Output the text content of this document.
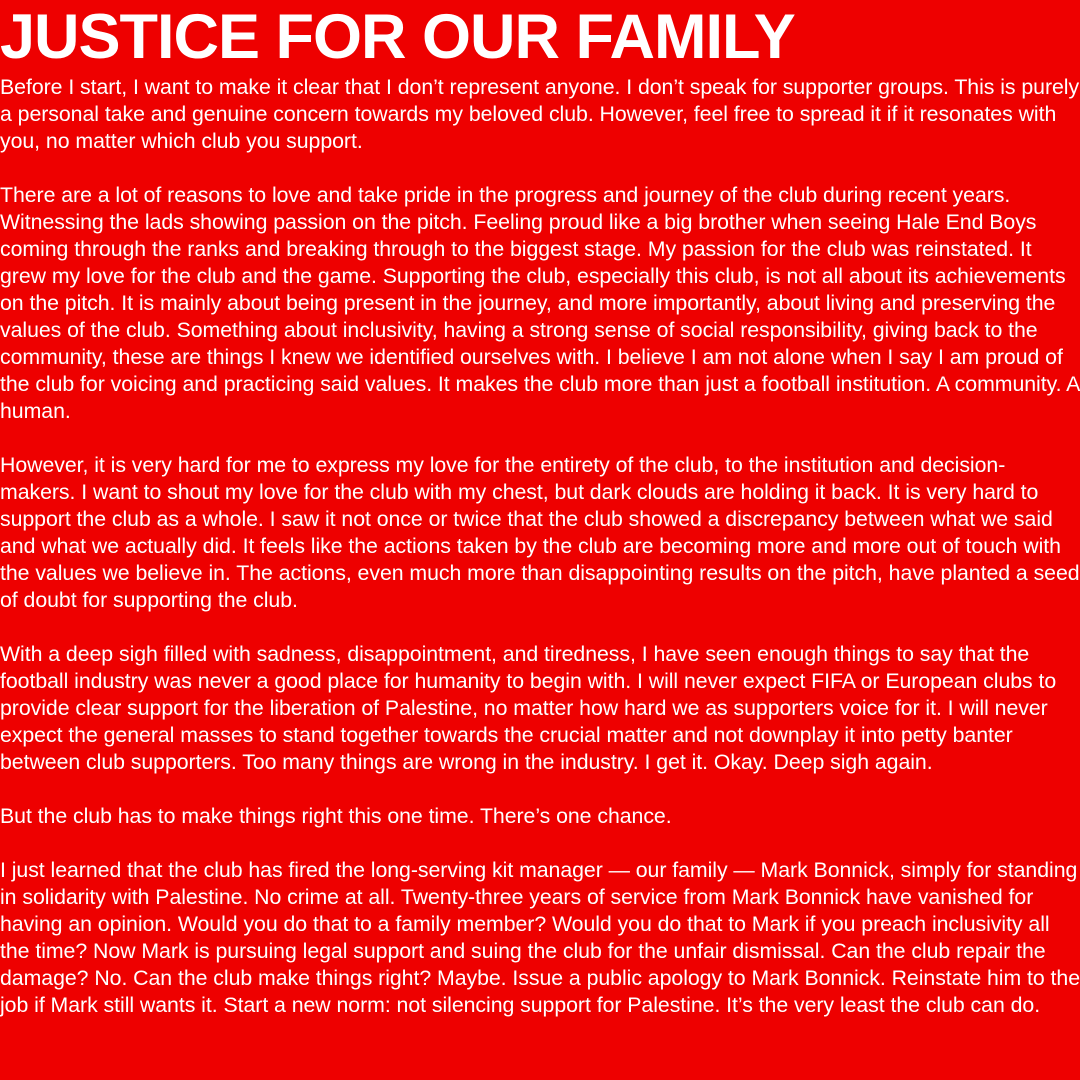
JUSTICE FOR OUR FAMILY

Before I start, I want to make it clear that I don’t represent anyone. I don’t speak for supporter groups. This is purely a personal take and genuine concern towards my beloved club. However, feel free to spread it if it resonates with you, no matter which club you support.

There are a lot of reasons to love and take pride in the progress and journey of the club during recent years. Witnessing the lads showing passion on the pitch. Feeling proud like a big brother when seeing Hale End Boys coming through the ranks and breaking through to the biggest stage. My passion for the club was reinstated. It grew my love for the club and the game. Supporting the club, especially this club, is not all about its achievements on the pitch. It is mainly about being present in the journey, and more importantly, about living and preserving the values of the club. Something about inclusivity, having a strong sense of social responsibility, giving back to the community, these are things I knew we identified ourselves with. I believe I am not alone when I say I am proud of the club for voicing and practicing said values. It makes the club more than just a football institution. A community. A human.

However, it is very hard for me to express my love for the entirety of the club, to the institution and decision-makers. I want to shout my love for the club with my chest, but dark clouds are holding it back. It is very hard to support the club as a whole. I saw it not once or twice that the club showed a discrepancy between what we said and what we actually did. It feels like the actions taken by the club are becoming more and more out of touch with the values we believe in. The actions, even much more than disappointing results on the pitch, have planted a seed of doubt for supporting the club.

With a deep sigh filled with sadness, disappointment, and tiredness, I have seen enough things to say that the football industry was never a good place for humanity to begin with. I will never expect FIFA or European clubs to provide clear support for the liberation of Palestine, no matter how hard we as supporters voice for it. I will never expect the general masses to stand together towards the crucial matter and not downplay it into petty banter between club supporters. Too many things are wrong in the industry. I get it. Okay. Deep sigh again.

But the club has to make things right this one time. There’s one chance.

I just learned that the club has fired the long-serving kit manager — our family — Mark Bonnick, simply for standing in solidarity with Palestine. No crime at all. Twenty-three years of service from Mark Bonnick have vanished for having an opinion. Would you do that to a family member? Would you do that to Mark if you preach inclusivity all the time? Now Mark is pursuing legal support and suing the club for the unfair dismissal. Can the club repair the damage? No. Can the club make things right? Maybe. Issue a public apology to Mark Bonnick. Reinstate him to the job if Mark still wants it. Start a new norm: not silencing support for Palestine. It’s the very least the club can do.
